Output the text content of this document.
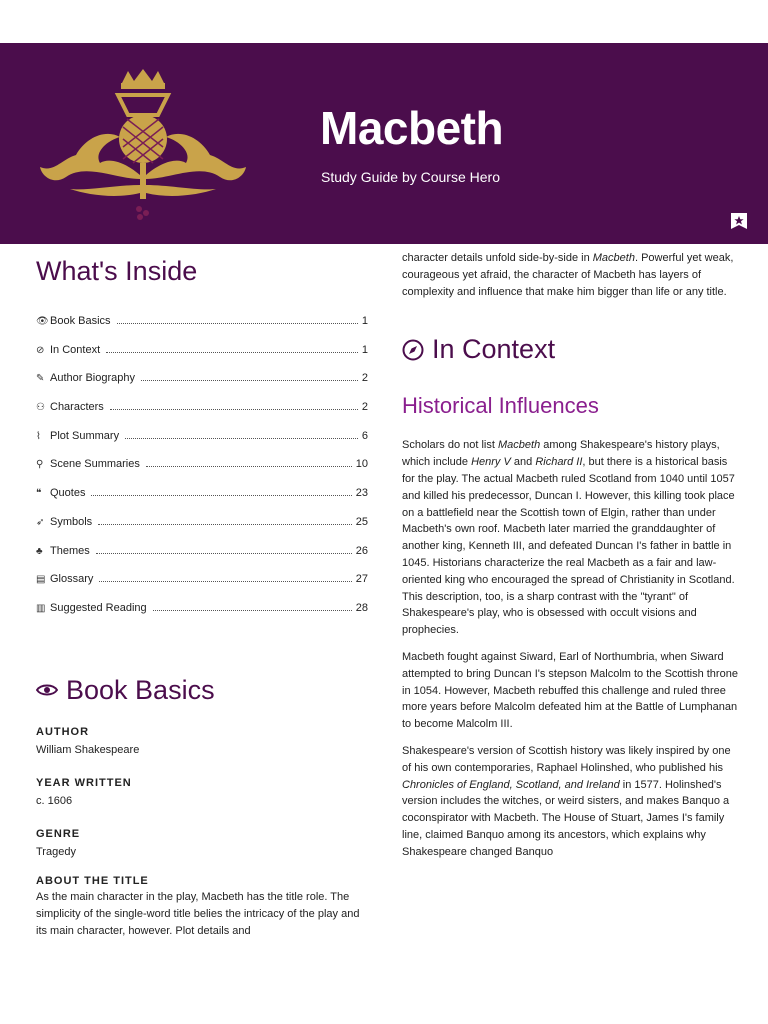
Macbeth
Study Guide by Course Hero
What's Inside
👁 Book Basics	1
⊘ In Context	1
✎ Author Biography	2
⚇ Characters	2
⌇ Plot Summary	6
⚲ Scene Summaries	10
❝ Quotes	23
➶ Symbols	25
♣ Themes	26
▤ Glossary	27
▥ Suggested Reading	28
Book Basics
AUTHOR
William Shakespeare
YEAR WRITTEN
c. 1606
GENRE
Tragedy
ABOUT THE TITLE
As the main character in the play, Macbeth has the title role. The simplicity of the single-word title belies the intricacy of the play and its main character, however. Plot details and

character details unfold side-by-side in Macbeth. Powerful yet weak, courageous yet afraid, the character of Macbeth has layers of complexity and influence that make him bigger than life or any title.

In Context
Historical Influences

Scholars do not list Macbeth among Shakespeare's history plays, which include Henry V and Richard II, but there is a historical basis for the play. The actual Macbeth ruled Scotland from 1040 until 1057 and killed his predecessor, Duncan I. However, this killing took place on a battlefield near the Scottish town of Elgin, rather than under Macbeth's own roof. Macbeth later married the granddaughter of another king, Kenneth III, and defeated Duncan I's father in battle in 1045. Historians characterize the real Macbeth as a fair and law-oriented king who encouraged the spread of Christianity in Scotland. This description, too, is a sharp contrast with the "tyrant" of Shakespeare's play, who is obsessed with occult visions and prophecies.

Macbeth fought against Siward, Earl of Northumbria, when Siward attempted to bring Duncan I's stepson Malcolm to the Scottish throne in 1054. However, Macbeth rebuffed this challenge and ruled three more years before Malcolm defeated him at the Battle of Lumphanan to become Malcolm III.

Shakespeare's version of Scottish history was likely inspired by one of his own contemporaries, Raphael Holinshed, who published his Chronicles of England, Scotland, and Ireland in 1577. Holinshed's version includes the witches, or weird sisters, and makes Banquo a coconspirator with Macbeth. The House of Stuart, James I's family line, claimed Banquo among its ancestors, which explains why Shakespeare changed Banquo
